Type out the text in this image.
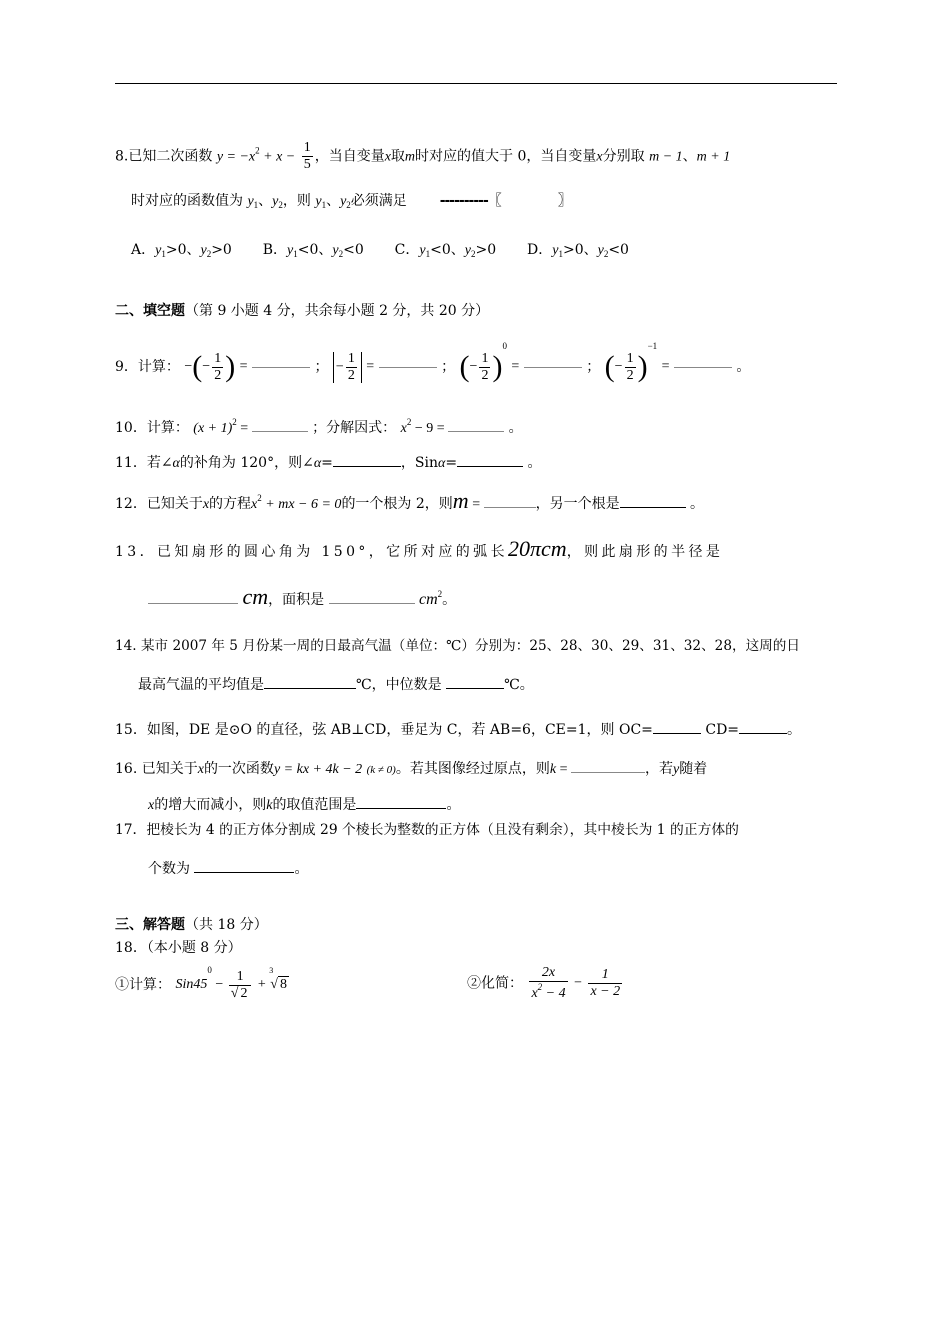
8.已知二次函数 $y = -x^2 + x - \frac{1}{5}$ ，当自变量x取m时对应的值大于 0，当自变量x分别取 m − 1、m + 1
时对应的函数值为 $y_1$、$y_2$，则 $y_1$、$y_2$必须满足 ----------〖	〗
A．$y_1>0$、$y_2>0$ B．$y_1<0$、$y_2<0$ C．$y_1<0$、$y_2>0$ D．$y_1>0$、$y_2<0$
二、填空题（第 9 小题 4 分，共余每小题 2 分，共 20 分）
9．计算： −(− $\frac{1}{2}$ ) =	； − $\frac{1}{2}$ =	； (− $\frac{1}{2} )^0$ =	； (− $\frac{1}{2} )^{-1}$ =	。
10．计算： $(x + 1)^2$ =	；分解因式： $x^2 - 9$ =	。
11．若∠α的补角为 120°，则∠α=	，Sinα=	。
12．已知关于x的方程$x^2$ + mx − 6 = 0的一个根为 2，则m =	，另一个根是	。
13．已知扇形的圆心角为 150°，它所对应的弧长20πcm，则此扇形的半径是
cm，面积是	$cm^2$。
14. 某市 2007 年 5 月份某一周的日最高气温（单位：℃）分别为：25、28、30、29、31、32、28，这周的日
最高气温的平均值是	℃，中位数是	℃。
15．如图，DE 是⊙O 的直径，弦 AB⊥CD，垂足为 C，若 AB=6，CE=1，则 OC=	CD=	。
16. 已知关于x的一次函数y = kx + 4k − 2 (k ≠ 0)。若其图像经过原点，则k =	，若y随着
x的增大而减小，则k的取值范围是	。
17．把棱长为 4 的正方体分割成 29 个棱长为整数的正方体（且没有剩余），其中棱长为 1 的正方体的
个数为	。
三、解答题（共 18 分）
18．（本小题 8 分）
①计算： $Sin45^0 - \frac{1}{√ 2} + ^3√$ 8	②化简： $\frac{2x}{x^2 - 4} - \frac{1}{x - 2}$
